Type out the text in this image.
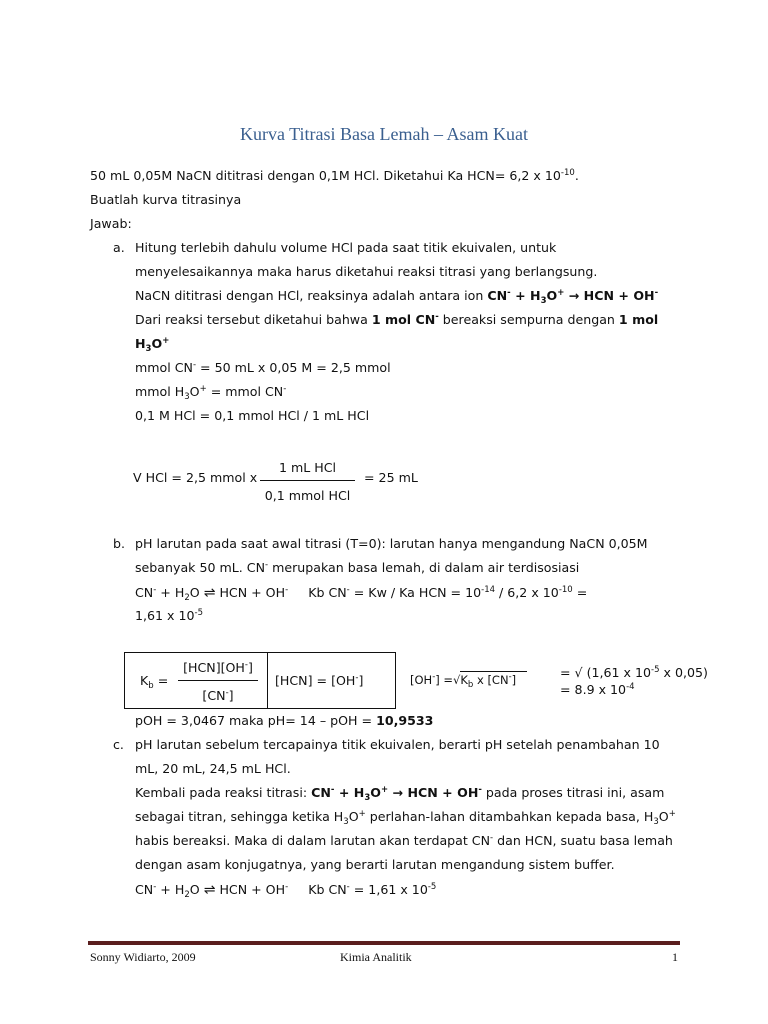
Kurva Titrasi Basa Lemah – Asam Kuat
50 mL 0,05M NaCN dititrasi dengan 0,1M HCl. Diketahui Ka HCN= 6,2 x $10^{-10}$.
Buatlah kurva titrasinya
Jawab:
a. Hitung terlebih dahulu volume HCl pada saat titik ekuivalen, untuk
menyelesaikannya maka harus diketahui reaksi titrasi yang berlangsung.
NaCN dititrasi dengan HCl, reaksinya adalah antara ion $CN^- + H_3O^+$ → HCN + OH-
Dari reaksi tersebut diketahui bahwa 1 mol CN- bereaksi sempurna dengan 1 mol
$H_3O^+$
mmol CN- = 50 mL x 0,05 M = 2,5 mmol
mmol $H_3O^+$ = mmol CN-
0,1 M HCl = 0,1 mmol HCl / 1 mL HCl
V HCl = 2,5 mmol x
1 mL HCl
0,1 mmol HCl
= 25 mL
b. pH larutan pada saat awal titrasi (T=0): larutan hanya mengandung NaCN 0,05M
sebanyak 50 mL. CN- merupakan basa lemah, di dalam air terdisosiasi
$CN^- + H_2O$ ⇌ HCN + OH- Kb CN- = Kw / Ka HCN = $10^{-14} / 6,2$ x $10^{-10}$ =
1,61 x $10^{-5}$
$K_b$ =
[HCN][OH-]
[CN-]
[HCN] = [OH-]	$[OH^-] =√K_b$ x [CN-]	= √ (1,61 x $10^{-5}$ x 0,05)
= 8.9 x $10^{-4}$
pOH = 3,0467 maka pH= 14 – pOH = 10,9533
c. pH larutan sebelum tercapainya titik ekuivalen, berarti pH setelah penambahan 10
mL, 20 mL, 24,5 mL HCl.
Kembali pada reaksi titrasi: $CN^- + H_3O^+$ → HCN + OH- pada proses titrasi ini, asam
sebagai titran, sehingga ketika $H_3O^+$ perlahan-lahan ditambahkan kepada basa, $H_3O^+$
habis bereaksi. Maka di dalam larutan akan terdapat CN- dan HCN, suatu basa lemah
dengan asam konjugatnya, yang berarti larutan mengandung sistem buffer.
$CN^- + H_2O$ ⇌ HCN + OH- Kb CN- = 1,61 x $10^{-5}$
Sonny Widiarto, 2009	Kimia Analitik	1
